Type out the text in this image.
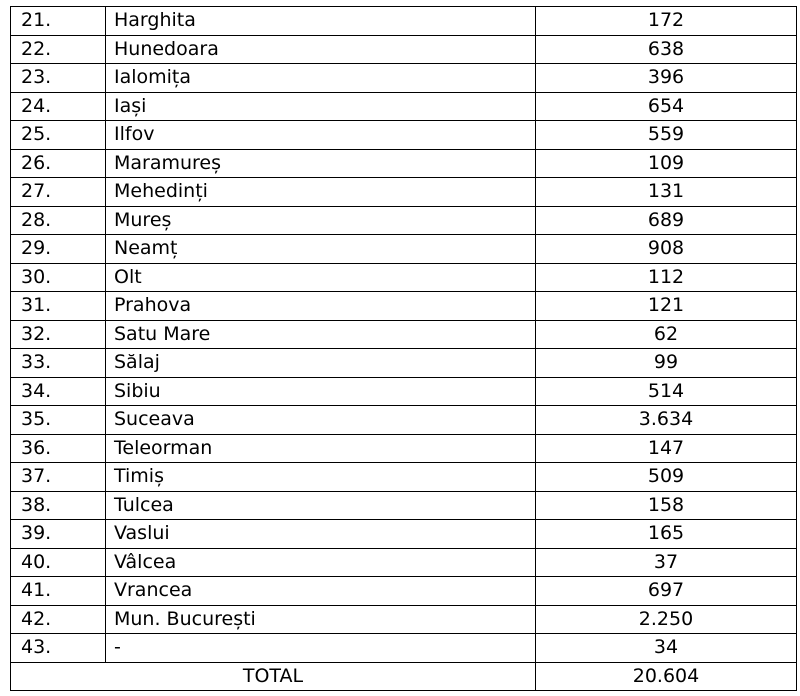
21.	Harghita	172
22.	Hunedoara	638
23.	Ialomița	396
24.	Iași	654
25.	Ilfov	559
26.	Maramureș	109
27.	Mehedinți	131
28.	Mureș	689
29.	Neamț	908
30.	Olt	112
31.	Prahova	121
32.	Satu Mare	62
33.	Sălaj	99
34.	Sibiu	514
35.	Suceava	3.634
36.	Teleorman	147
37.	Timiș	509
38.	Tulcea	158
39.	Vaslui	165
40.	Vâlcea	37
41.	Vrancea	697
42.	Mun. București	2.250
43.	-	34
TOTAL		20.604
